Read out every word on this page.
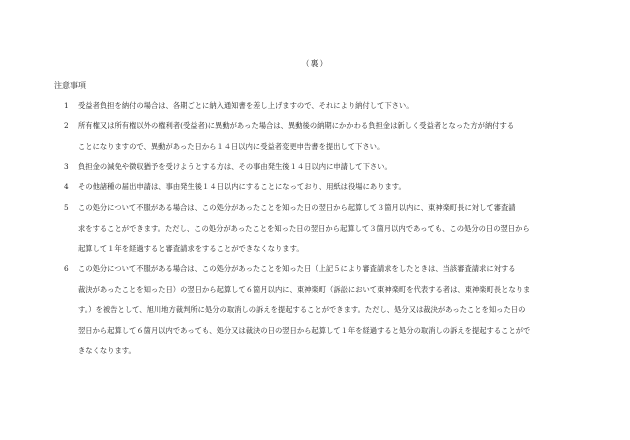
（裏）
注意事項
1	受益者負担を納付の場合は、各期ごとに納入通知書を差し上げますので、それにより納付して下さい。
2	所有権又は所有権以外の権利者(受益者)に異動があった場合は、異動後の納期にかかわる負担金は新しく受益者となった方が納付する
ことになりますので、異動があった日から１４日以内に受益者変更申告書を提出して下さい。
3	負担金の減免や徴収猶予を受けようとする方は、その事由発生後１４日以内に申請して下さい。
4	その他諸種の届出申請は、事由発生後１４日以内にすることになっており、用紙は役場にあります。
5	この処分について不服がある場合は、この処分があったことを知った日の翌日から起算して３箇月以内に、東神楽町長に対して審査請
求をすることができます。ただし、この処分があったことを知った日の翌日から起算して３箇月以内であっても、この処分の日の翌日から
起算して１年を経過すると審査請求をすることができなくなります。
6	この処分について不服がある場合は、この処分があったことを知った日（上記５により審査請求をしたときは、当該審査請求に対する
裁決があったことを知った日）の翌日から起算して６箇月以内に、東神楽町（訴訟において東神楽町を代表する者は、東神楽町長となりま
す。）を被告として、旭川地方裁判所に処分の取消しの訴えを提起することができます。ただし、処分又は裁決があったことを知った日の
翌日から起算して６箇月以内であっても、処分又は裁決の日の翌日から起算して１年を経過すると処分の取消しの訴えを提起することがで
きなくなります。
